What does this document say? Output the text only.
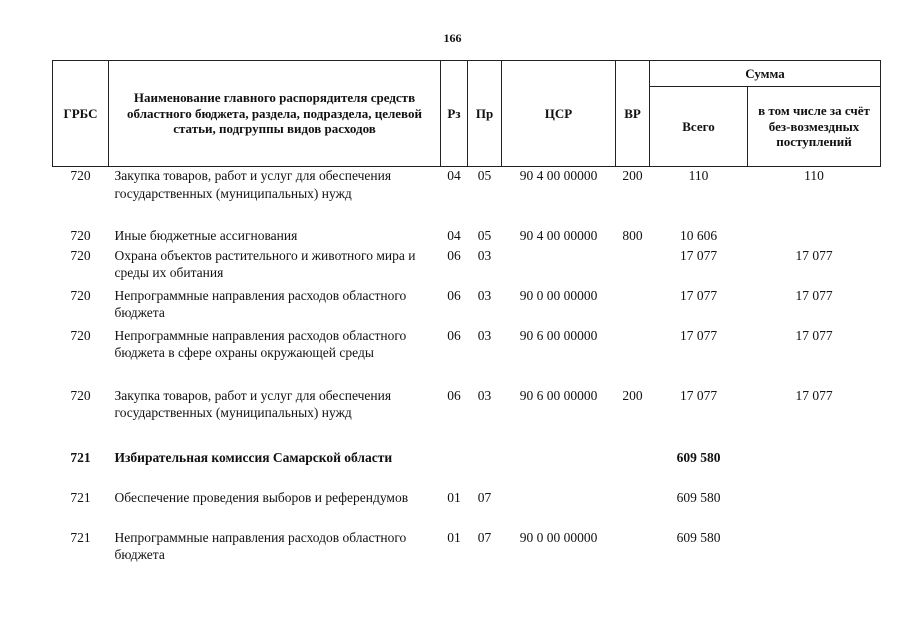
166
ГРБС	Наименование главного распорядителя средств областного бюджета, раздела, подраздела, целевой статьи, подгруппы видов расходов	Рз	Пр	ЦСР	ВР	Сумма	
						Всего	в том числе за счёт без-возмездных поступлений
720	Закупка товаров, работ и услуг для обеспечения государственных (муниципальных) нужд	04	05	90 4 00 00000	200	110	110
720	Иные бюджетные ассигнования	04	05	90 4 00 00000	800	10 606	
720	Охрана объектов растительного и животного мира и среды их обитания	06	03			17 077	17 077
720	Непрограммные направления расходов областного бюджета	06	03	90 0 00 00000		17 077	17 077
720	Непрограммные направления расходов областного бюджета в сфере охраны окружающей среды	06	03	90 6 00 00000		17 077	17 077
720	Закупка товаров, работ и услуг для обеспечения государственных (муниципальных) нужд	06	03	90 6 00 00000	200	17 077	17 077
721	Избирательная комиссия Самарской области					609 580	
721	Обеспечение проведения выборов и референдумов	01	07			609 580	
721	Непрограммные направления расходов областного бюджета	01	07	90 0 00 00000		609 580	
